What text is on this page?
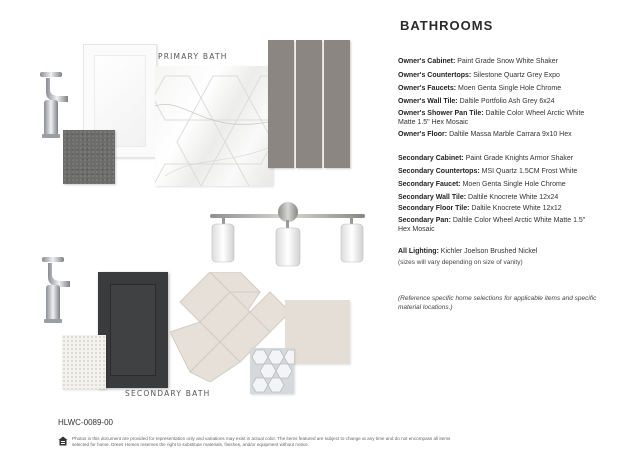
PRIMARY BATH
SECONDARY BATH
BATHROOMS
Owner's Cabinet: Paint Grade Snow White Shaker
Owner's Countertops: Silestone Quartz Grey Expo
Owner's Faucets: Moen Genta Single Hole Chrome
Owner's Wall Tile: Daltile Portfolio Ash Grey 6x24
Owner's Shower Pan Tile: Daltile Color Wheel Arctic White Matte 1.5" Hex Mosaic
Owner's Floor: Daltile Massa Marble Carrara 9x10 Hex
Secondary Cabinet: Paint Grade Knights Armor Shaker
Secondary Countertops: MSI Quartz 1.5CM Frost White
Secondary Faucet: Moen Genta Single Hole Chrome
Secondary Wall Tile: Daltile Knocrete White 12x24
Secondary Floor Tile: Daltile Knocrete White 12x12
Secondary Pan: Daltile Color Wheel Arctic White Matte 1.5" Hex Mosaic
All Lighting: Kichler Joelson Brushed Nickel
(sizes will vary depending on size of vanity)
(Reference specific home selections for applicable items and specific material locations.)
HLWC-0089-00
Photos in this document are provided for representation only and variations may exist in actual color. The items featured are subject to change at any time and do not encompass all items selected for home. Drees Homes reserves the right to substitute materials, finishes, and/or equipment without notice.
